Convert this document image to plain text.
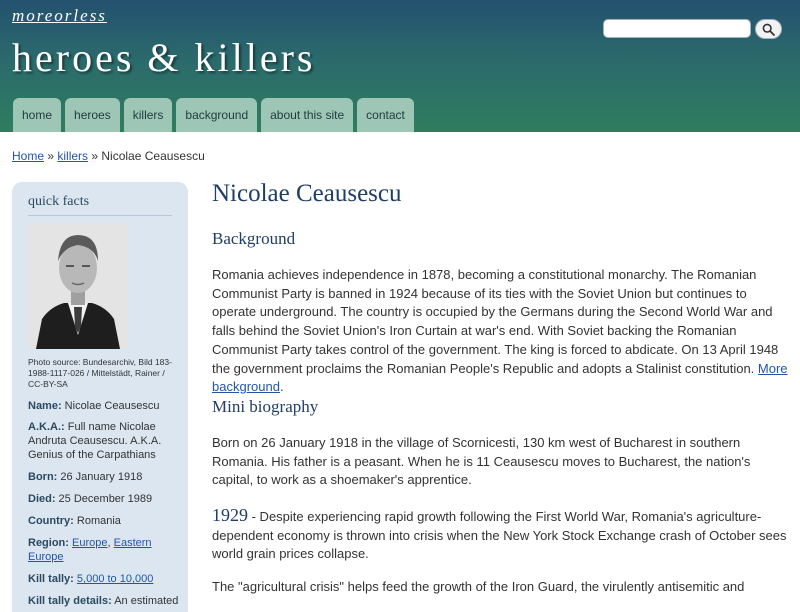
moreorless
heroes & killers
home	heroes	killers	background	about this site	contact
Home » killers » Nicolae Ceausescu
quick facts
Photo source: Bundesarchiv, Bild 183-1988-1117-026 / Mittelstädt, Rainer / CC-BY-SA
Name: Nicolae Ceausescu
A.K.A.: Full name Nicolae Andruta Ceausescu. A.K.A. Genius of the Carpathians
Born: 26 January 1918
Died: 25 December 1989
Country: Romania
Region: Europe, Eastern Europe
Kill tally: 5,000 to 10,000
Kill tally details: An estimated
Nicolae Ceausescu
Background

Romania achieves independence in 1878, becoming a constitutional monarchy. The Romanian Communist Party is banned in 1924 because of its ties with the Soviet Union but continues to operate underground. The country is occupied by the Germans during the Second World War and falls behind the Soviet Union's Iron Curtain at war's end. With Soviet backing the Romanian Communist Party takes control of the government. The king is forced to abdicate. On 13 April 1948 the government proclaims the Romanian People's Republic and adopts a Stalinist constitution. More background.

Mini biography

Born on 26 January 1918 in the village of Scornicesti, 130 km west of Bucharest in southern Romania. His father is a peasant. When he is 11 Ceausescu moves to Bucharest, the nation's capital, to work as a shoemaker's apprentice.

1929 - Despite experiencing rapid growth following the First World War, Romania's agriculture-dependent economy is thrown into crisis when the New York Stock Exchange crash of October sees world grain prices collapse.

The "agricultural crisis" helps feed the growth of the Iron Guard, the virulently antisemitic and
